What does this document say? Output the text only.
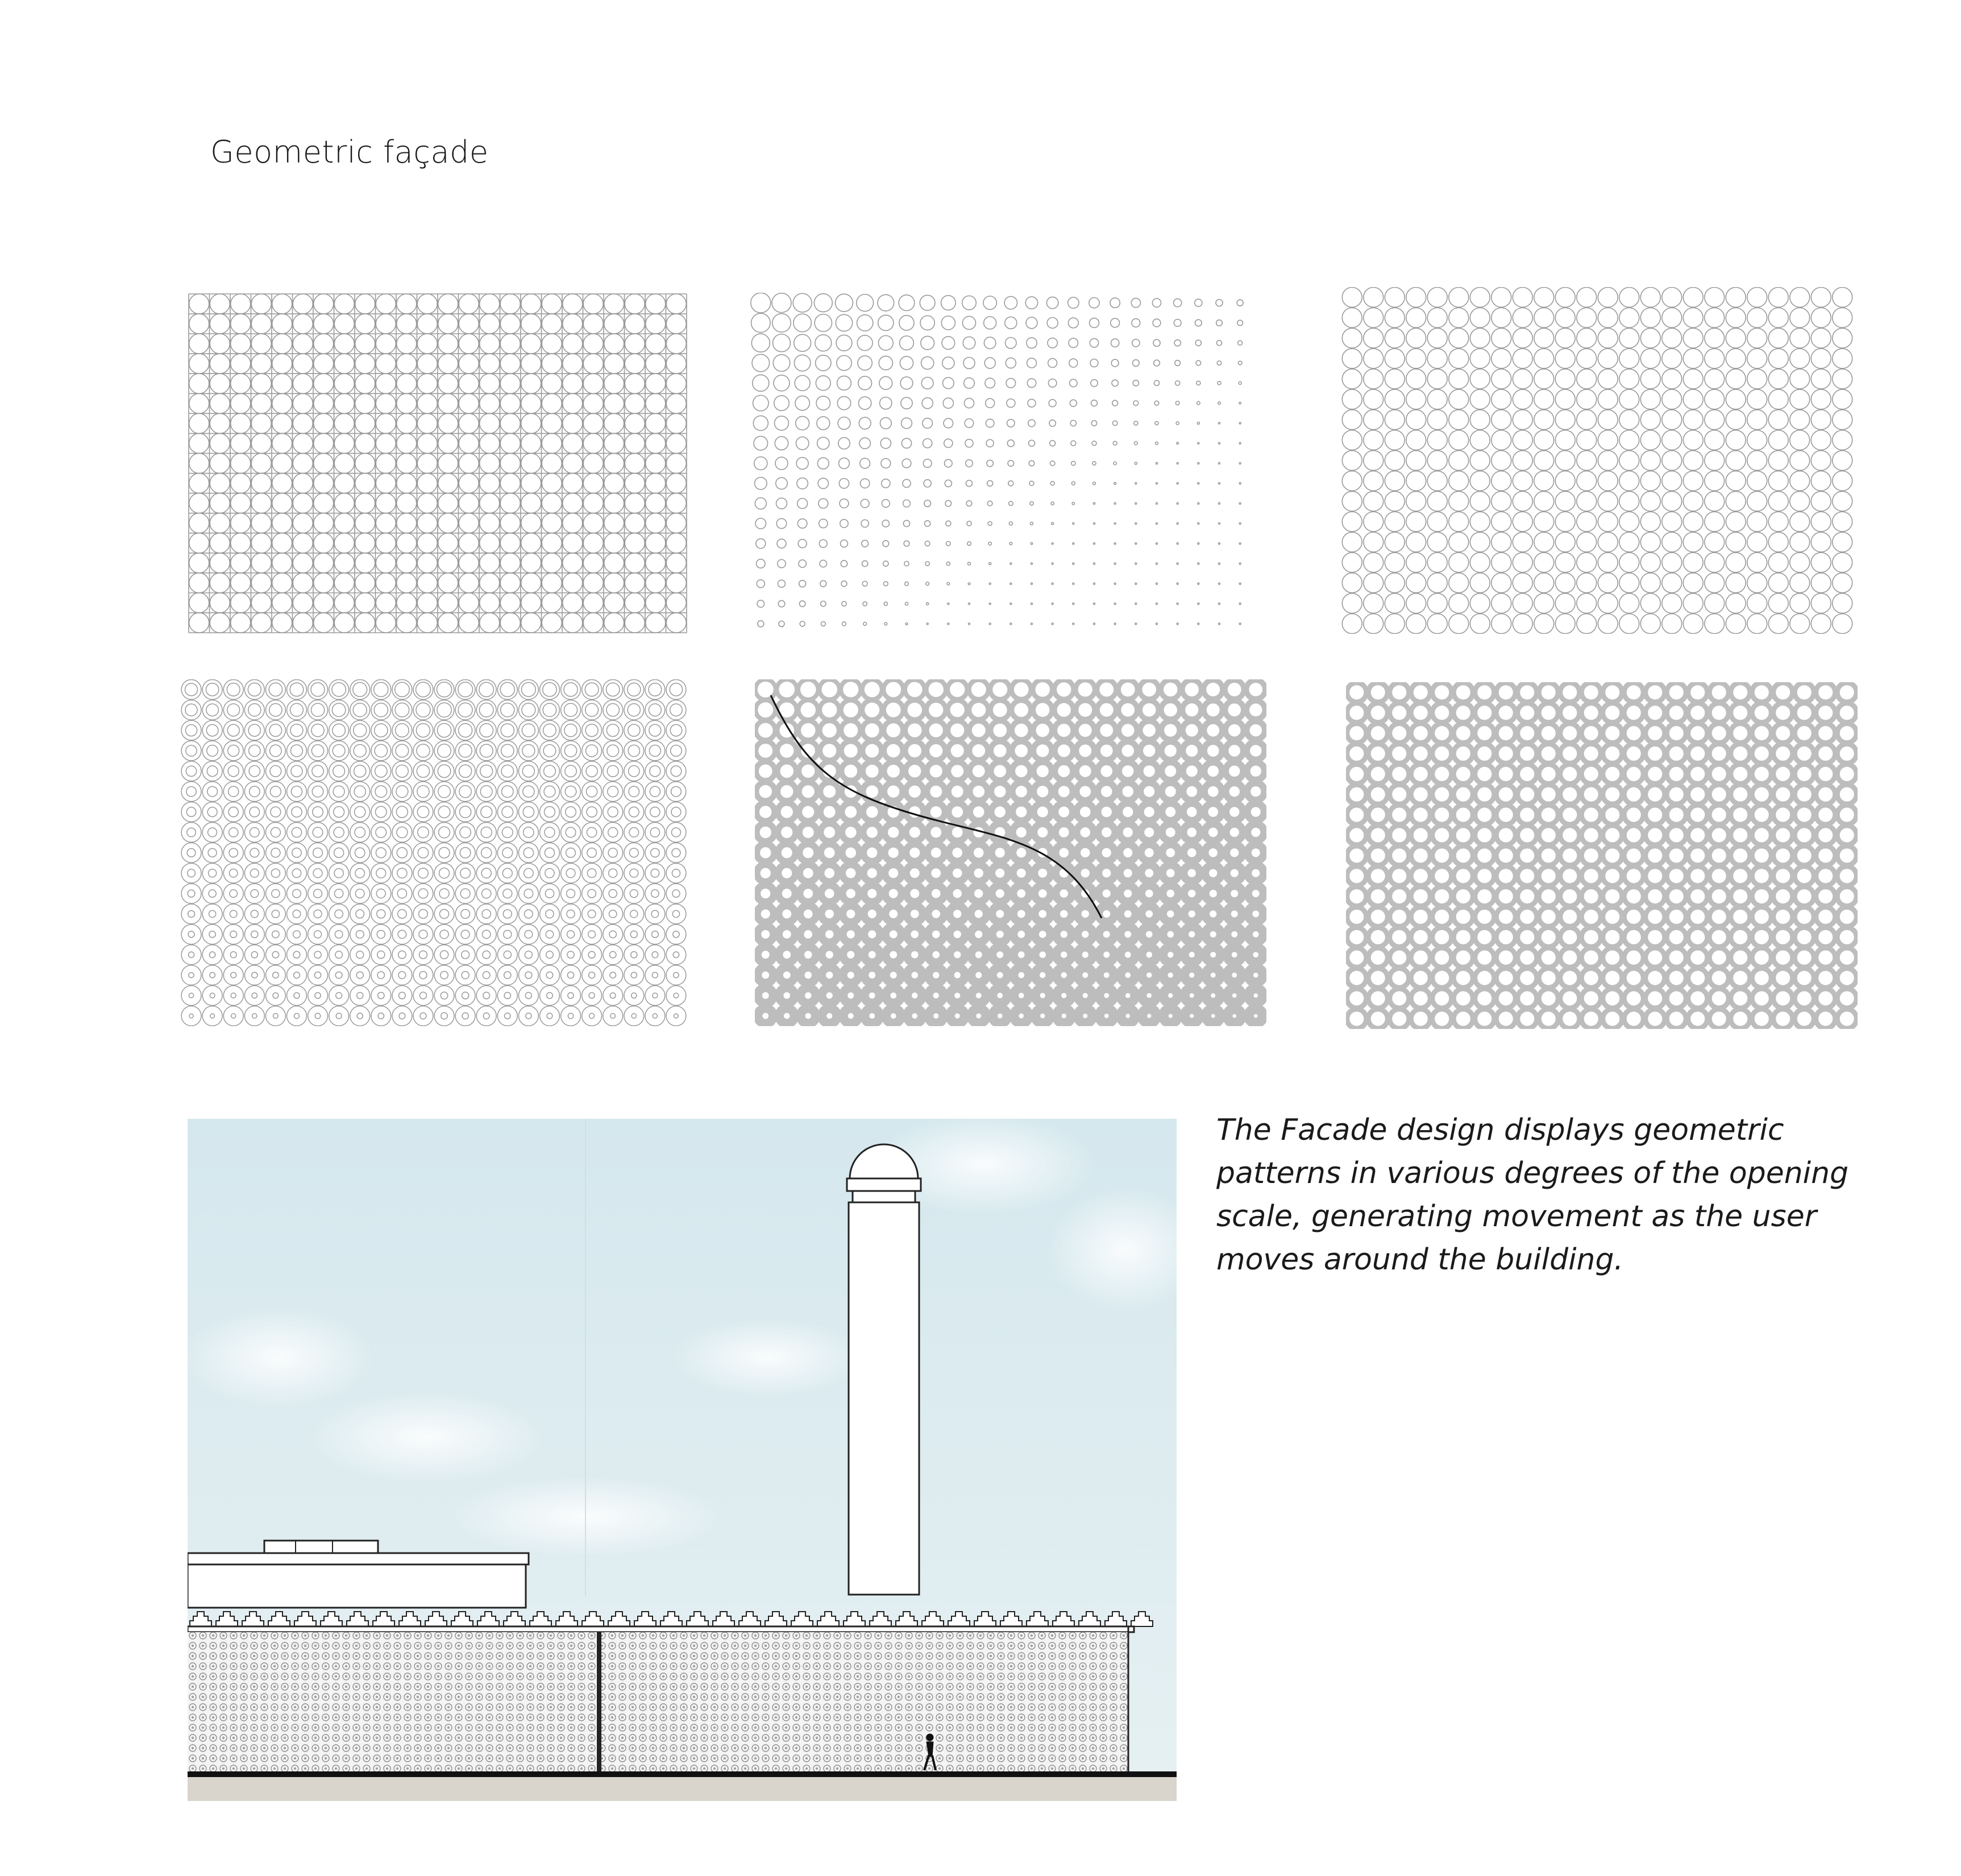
Geometric façade

The Facade design displays geometric patterns in various degrees of the opening scale, generating movement as the user moves around the building.
